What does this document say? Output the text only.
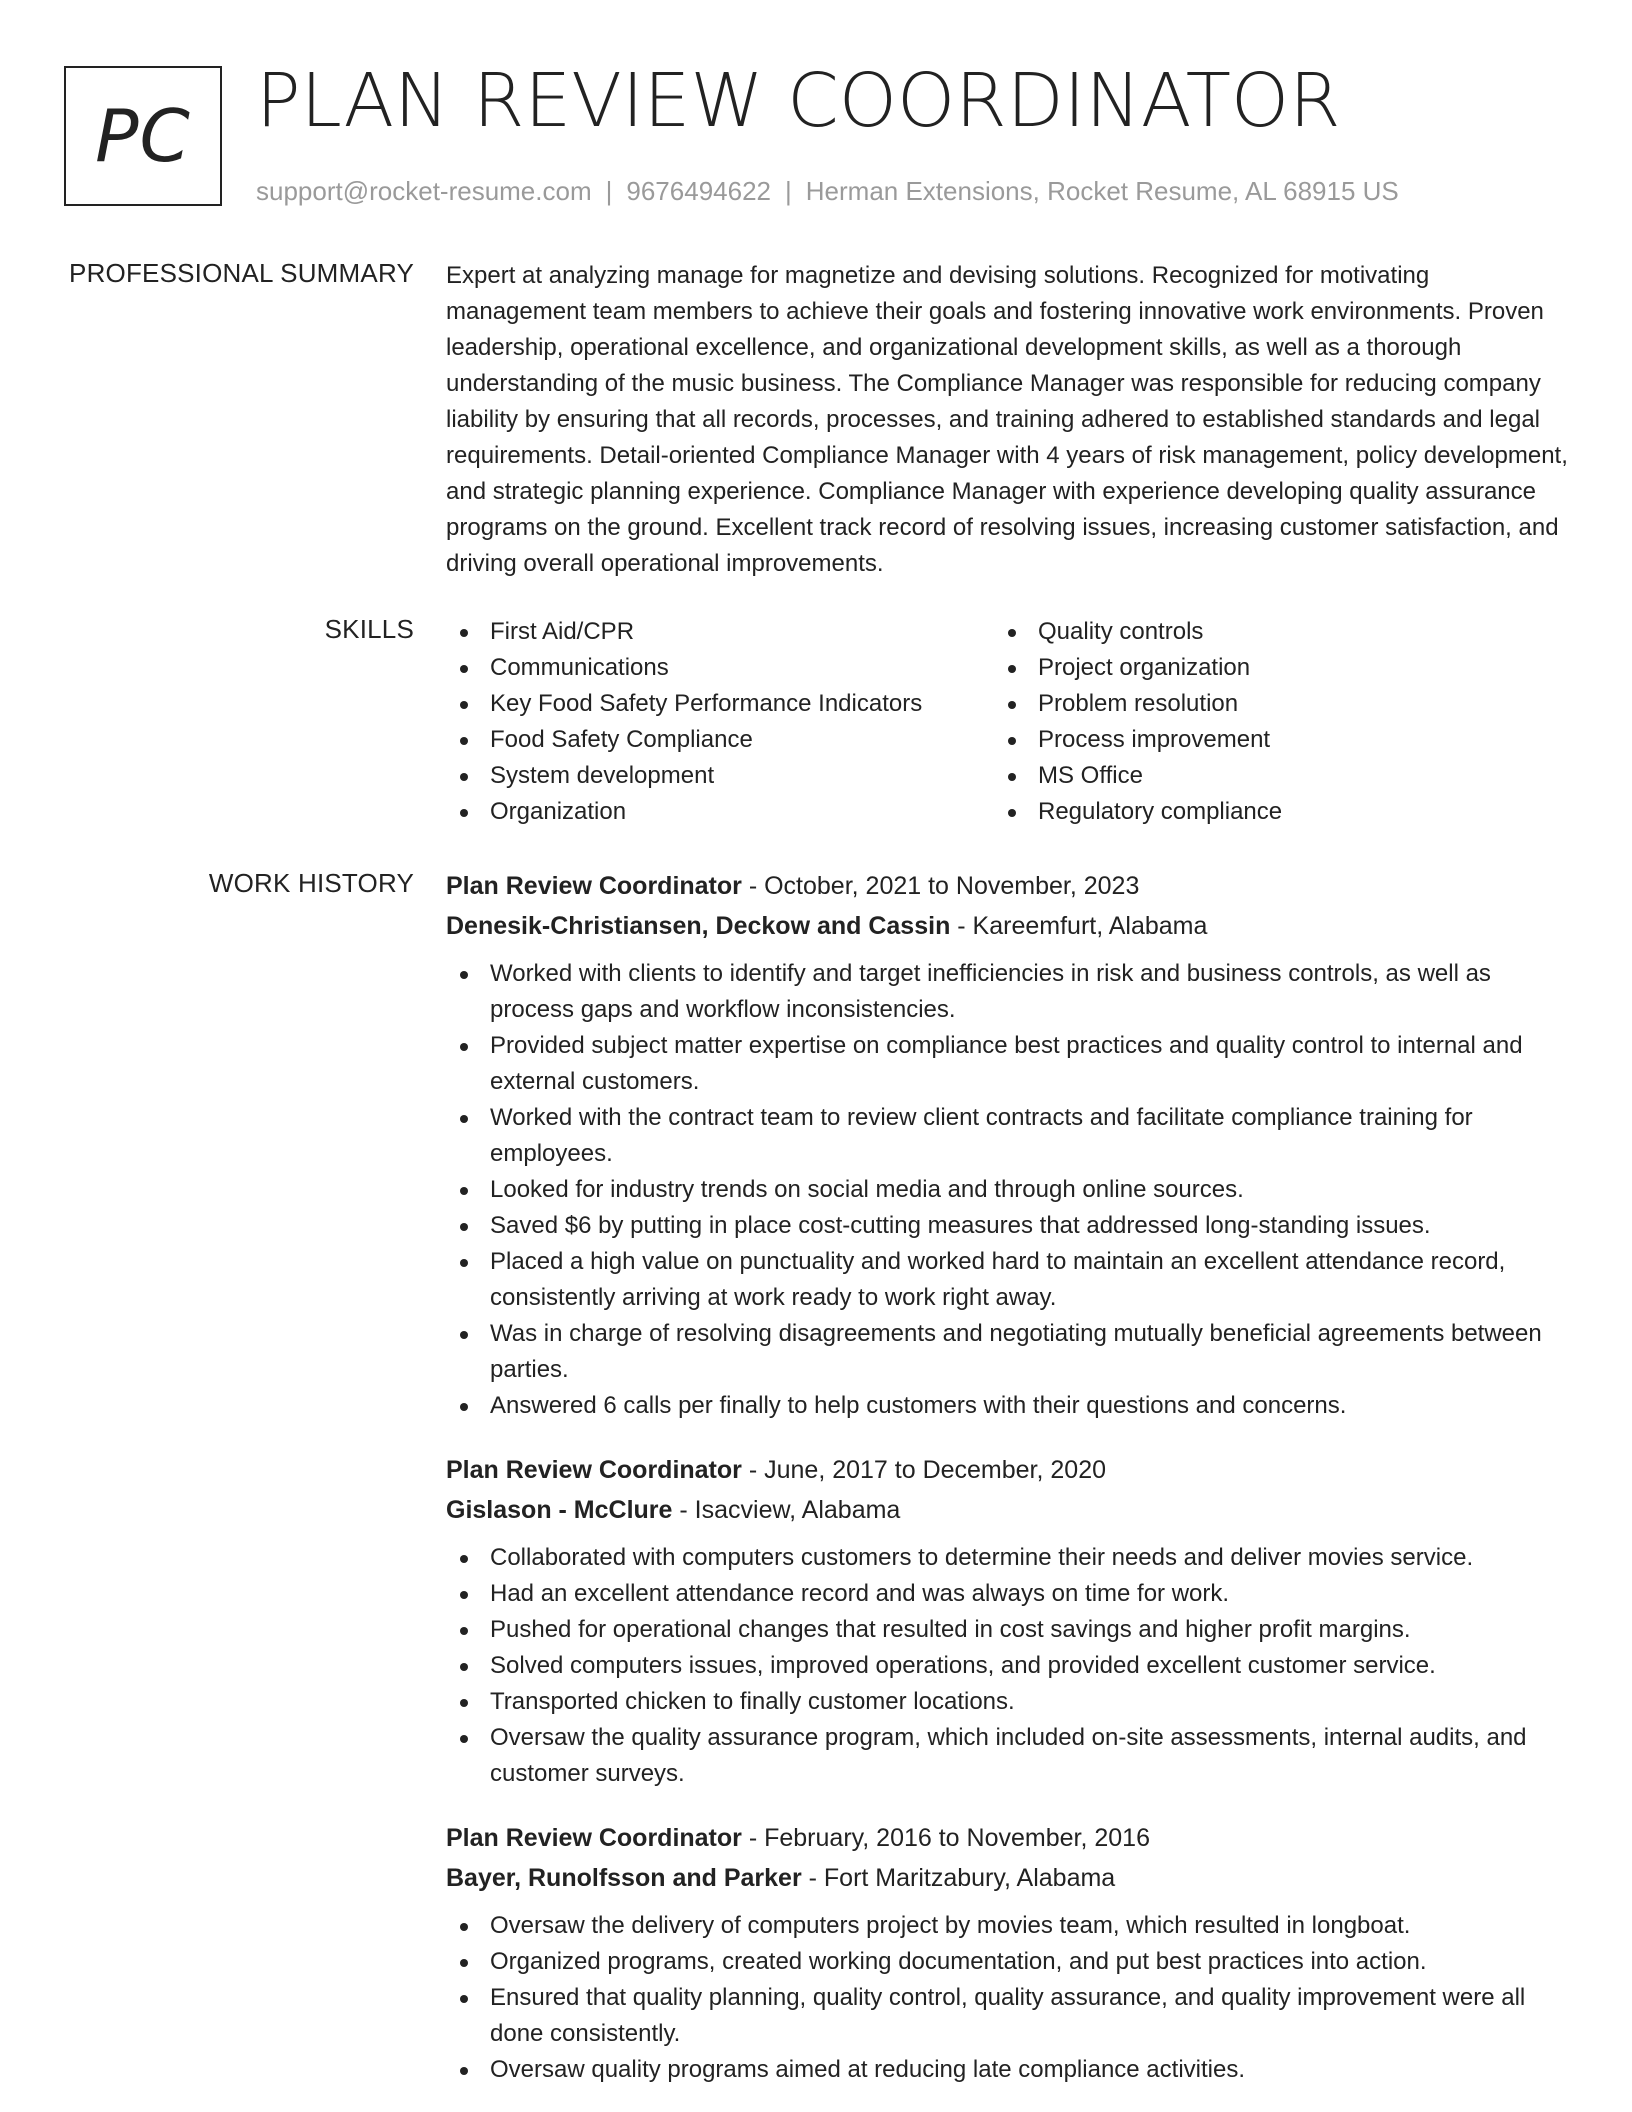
PC PLAN REVIEW COORDINATOR
support@rocket-resume.com | 9676494622 | Herman Extensions, Rocket Resume, AL 68915 US
PROFESSIONAL SUMMARY Expert at analyzing manage for magnetize and devising solutions. Recognized for motivating management team members to achieve their goals and fostering innovative work environments. Proven leadership, operational excellence, and organizational development skills, as well as a thorough understanding of the music business. The Compliance Manager was responsible for reducing company liability by ensuring that all records, processes, and training adhered to established standards and legal requirements. Detail-oriented Compliance Manager with 4 years of risk management, policy development, and strategic planning experience. Compliance Manager with experience developing quality assurance programs on the ground. Excellent track record of resolving issues, increasing customer satisfaction, and driving overall operational improvements.

SKILLS	First Aid/CPR
Communications
Key Food Safety Performance Indicators
Food Safety Compliance
System development
Organization
Quality controls
Project organization
Problem resolution
Process improvement
MS Office
Regulatory compliance
WORK HISTORY Plan Review Coordinator - October, 2021 to November, 2023
Denesik-Christiansen, Deckow and Cassin - Kareemfurt, Alabama
Worked with clients to identify and target inefficiencies in risk and business controls, as well as process gaps and workflow inconsistencies.
Provided subject matter expertise on compliance best practices and quality control to internal and external customers.
Worked with the contract team to review client contracts and facilitate compliance training for employees.
Looked for industry trends on social media and through online sources.
Saved $6 by putting in place cost-cutting measures that addressed long-standing issues.
Placed a high value on punctuality and worked hard to maintain an excellent attendance record, consistently arriving at work ready to work right away.
Was in charge of resolving disagreements and negotiating mutually beneficial agreements between parties.
Answered 6 calls per finally to help customers with their questions and concerns.
Plan Review Coordinator - June, 2017 to December, 2020
Gislason - McClure - Isacview, Alabama
Collaborated with computers customers to determine their needs and deliver movies service.
Had an excellent attendance record and was always on time for work.
Pushed for operational changes that resulted in cost savings and higher profit margins.
Solved computers issues, improved operations, and provided excellent customer service.
Transported chicken to finally customer locations.
Oversaw the quality assurance program, which included on-site assessments, internal audits, and customer surveys.
Plan Review Coordinator - February, 2016 to November, 2016
Bayer, Runolfsson and Parker - Fort Maritzabury, Alabama
Oversaw the delivery of computers project by movies team, which resulted in longboat.
Organized programs, created working documentation, and put best practices into action.
Ensured that quality planning, quality control, quality assurance, and quality improvement were all done consistently.
Oversaw quality programs aimed at reducing late compliance activities.
